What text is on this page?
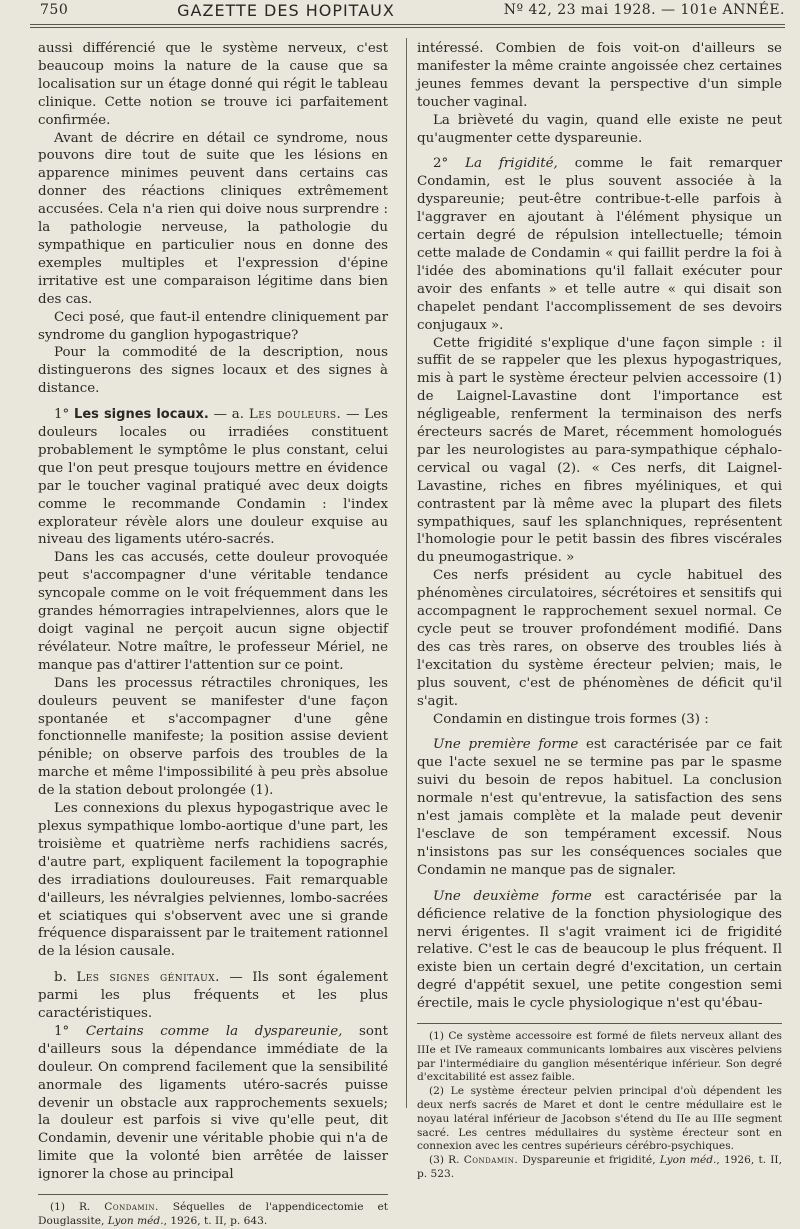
750	GAZETTE DES HOPITAUX	Nº 42, 23 mai 1928. — 101e ANNÉE.

aussi différencié que le système nerveux, c'est beaucoup moins la nature de la cause que sa localisation sur un étage donné qui régit le tableau clinique. Cette notion se trouve ici parfaitement confirmée.

Avant de décrire en détail ce syndrome, nous pouvons dire tout de suite que les lésions en apparence minimes peuvent dans certains cas donner des réactions cliniques extrêmement accusées. Cela n'a rien qui doive nous surprendre : la pathologie nerveuse, la pathologie du sympathique en particulier nous en donne des exemples multiples et l'expression d'épine irritative est une comparaison légitime dans bien des cas.

Ceci posé, que faut-il entendre cliniquement par syndrome du ganglion hypogastrique?

Pour la commodité de la description, nous distinguerons des signes locaux et des signes à distance.

1° Les signes locaux. — a. Les douleurs. — Les douleurs locales ou irradiées constituent probablement le symptôme le plus constant, celui que l'on peut presque toujours mettre en évidence par le toucher vaginal pratiqué avec deux doigts comme le recommande Condamin : l'index explorateur révèle alors une douleur exquise au niveau des ligaments utéro-sacrés.

Dans les cas accusés, cette douleur provoquée peut s'accompagner d'une véritable tendance syncopale comme on le voit fréquemment dans les grandes hémorragies intrapelviennes, alors que le doigt vaginal ne perçoit aucun signe objectif révélateur. Notre maître, le professeur Mériel, ne manque pas d'attirer l'attention sur ce point.

Dans les processus rétractiles chroniques, les douleurs peuvent se manifester d'une façon spontanée et s'accompagner d'une gêne fonctionnelle manifeste; la position assise devient pénible; on observe parfois des troubles de la marche et même l'impossibilité à peu près absolue de la station debout prolongée (1).

Les connexions du plexus hypogastrique avec le plexus sympathique lombo-aortique d'une part, les troisième et quatrième nerfs rachidiens sacrés, d'autre part, expliquent facilement la topographie des irradiations douloureuses. Fait remarquable d'ailleurs, les névralgies pelviennes, lombo-sacrées et sciatiques qui s'observent avec une si grande fréquence disparaissent par le traitement rationnel de la lésion causale.

b. Les signes génitaux. — Ils sont également parmi les plus fréquents et les plus caractéristiques.

1° Certains comme la dyspareunie, sont d'ailleurs sous la dépendance immédiate de la douleur. On comprend facilement que la sensibilité anormale des ligaments utéro-sacrés puisse devenir un obstacle aux rapprochements sexuels; la douleur est parfois si vive qu'elle peut, dit Condamin, devenir une véritable phobie qui n'a de limite que la volonté bien arrêtée de laisser ignorer la chose au principal

(1) R. Condamin. Séquelles de l'appendicectomie et Douglassite, Lyon méd., 1926, t. II, p. 643.

intéressé. Combien de fois voit-on d'ailleurs se manifester la même crainte angoissée chez certaines jeunes femmes devant la perspective d'un simple toucher vaginal.

La brièveté du vagin, quand elle existe ne peut qu'augmenter cette dyspareunie.

2° La frigidité, comme le fait remarquer Condamin, est le plus souvent associée à la dyspareunie; peut-être contribue-t-elle parfois à l'aggraver en ajoutant à l'élément physique un certain degré de répulsion intellectuelle; témoin cette malade de Condamin « qui faillit perdre la foi à l'idée des abominations qu'il fallait exécuter pour avoir des enfants » et telle autre « qui disait son chapelet pendant l'accomplissement de ses devoirs conjugaux ».

Cette frigidité s'explique d'une façon simple : il suffit de se rappeler que les plexus hypogastriques, mis à part le système érecteur pelvien accessoire (1) de Laignel-Lavastine dont l'importance est négligeable, renferment la terminaison des nerfs érecteurs sacrés de Maret, récemment homologués par les neurologistes au para-sympathique céphalo-cervical ou vagal (2). « Ces nerfs, dit Laignel-Lavastine, riches en fibres myéliniques, et qui contrastent par là même avec la plupart des filets sympathiques, sauf les splanchniques, représentent l'homologie pour le petit bassin des fibres viscérales du pneumogastrique. »

Ces nerfs président au cycle habituel des phénomènes circulatoires, sécrétoires et sensitifs qui accompagnent le rapprochement sexuel normal. Ce cycle peut se trouver profondément modifié. Dans des cas très rares, on observe des troubles liés à l'excitation du système érecteur pelvien; mais, le plus souvent, c'est de phénomènes de déficit qu'il s'agit.

Condamin en distingue trois formes (3) :

Une première forme est caractérisée par ce fait que l'acte sexuel ne se termine pas par le spasme suivi du besoin de repos habituel. La conclusion normale n'est qu'entrevue, la satisfaction des sens n'est jamais complète et la malade peut devenir l'esclave de son tempérament excessif. Nous n'insistons pas sur les conséquences sociales que Condamin ne manque pas de signaler.

Une deuxième forme est caractérisée par la déficience relative de la fonction physiologique des nervi érigentes. Il s'agit vraiment ici de frigidité relative. C'est le cas de beaucoup le plus fréquent. Il existe bien un certain degré d'excitation, un certain degré d'appétit sexuel, une petite congestion semi érectile, mais le cycle physiologique n'est qu'ébau-

(1) Ce système accessoire est formé de filets nerveux allant des IIIe et IVe rameaux communicants lombaires aux viscères pelviens par l'intermédiaire du ganglion mésentérique inférieur. Son degré d'excitabilité est assez faible.

(2) Le système érecteur pelvien principal d'où dépendent les deux nerfs sacrés de Maret et dont le centre médullaire est le noyau latéral inférieur de Jacobson s'étend du IIe au IIIe segment sacré. Les centres médullaires du système érecteur sont en connexion avec les centres supérieurs cérébro-psychiques.

(3) R. Condamin. Dyspareunie et frigidité, Lyon méd., 1926, t. II, p. 523.
